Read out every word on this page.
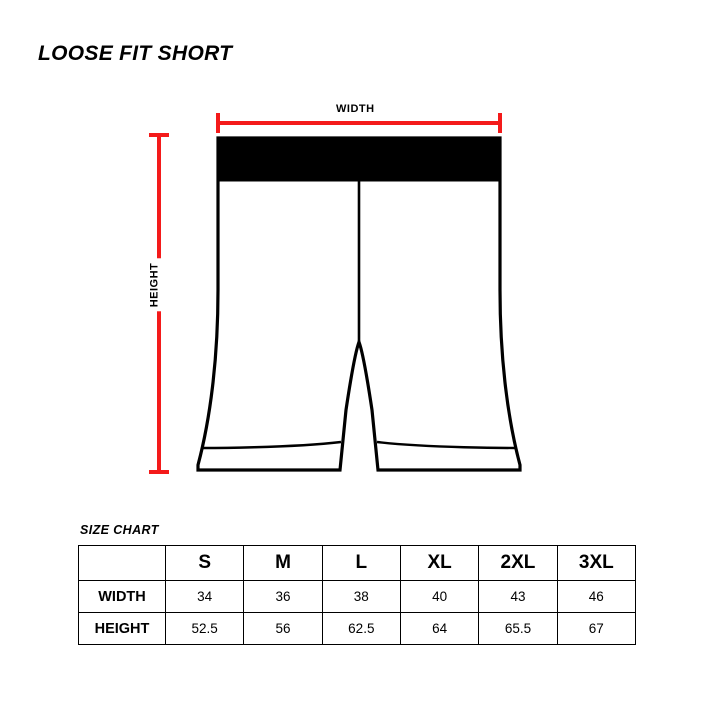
LOOSE FIT SHORT
WIDTH
HEIGHT
SIZE CHART
	S	M	L	XL	2XL	3XL
WIDTH	34	36	38	40	43	46
HEIGHT	52.5	56	62.5	64	65.5	67
